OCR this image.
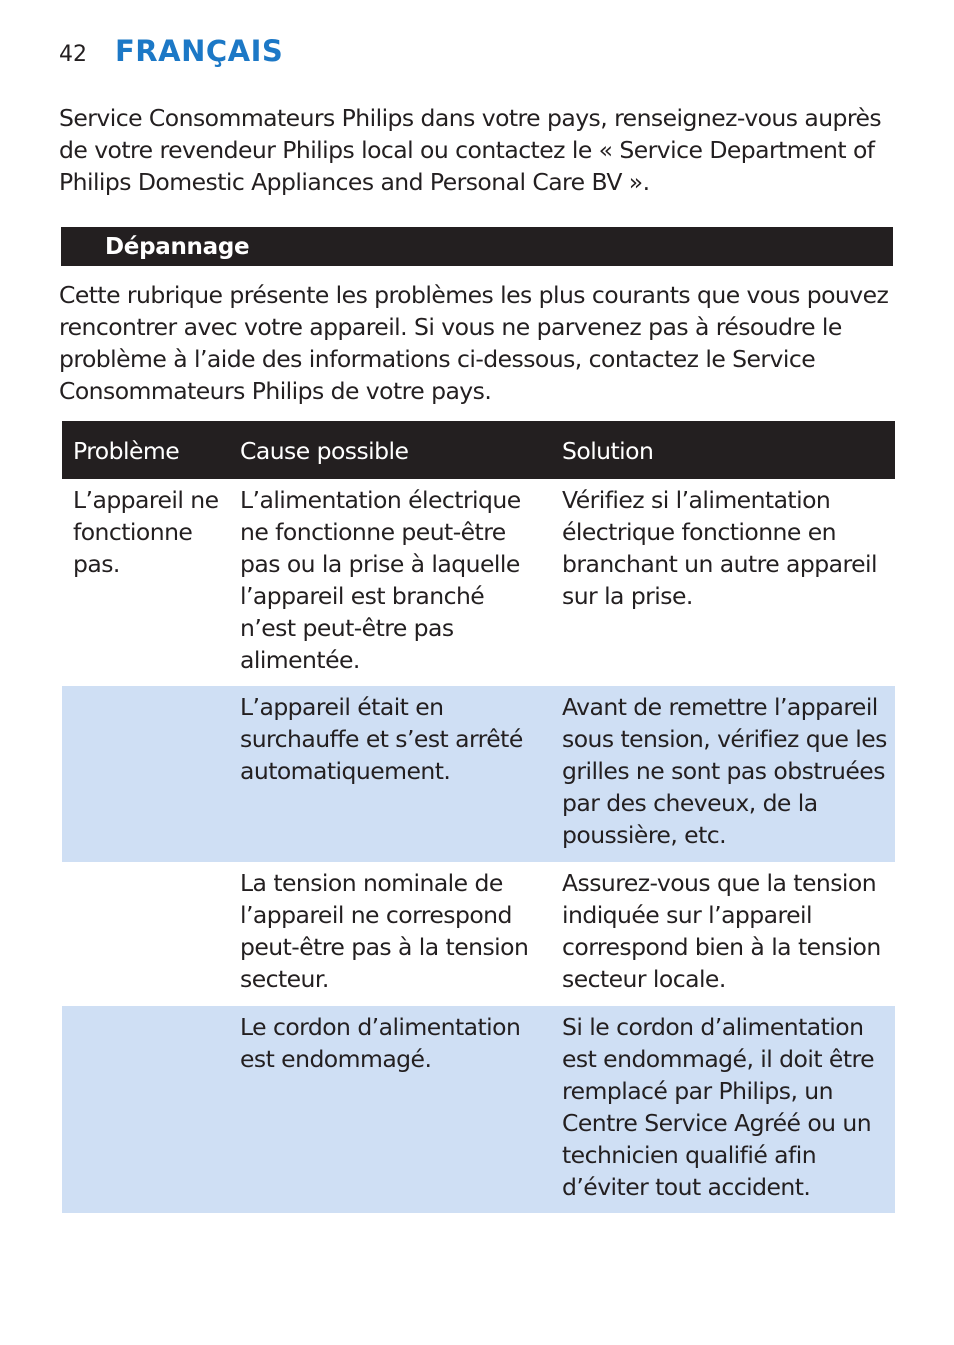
42 FRANÇAIS

Service Consommateurs Philips dans votre pays, renseignez-vous auprès de votre revendeur Philips local ou contactez le « Service Department of Philips Domestic Appliances and Personal Care BV ».

Dépannage

Cette rubrique présente les problèmes les plus courants que vous pouvez rencontrer avec votre appareil. Si vous ne parvenez pas à résoudre le problème à l’aide des informations ci-dessous, contactez le Service Consommateurs Philips de votre pays.

Problème	Cause possible	Solution
L’appareil ne fonctionne pas.
L’alimentation électrique ne fonctionne peut-être pas ou la prise à laquelle l’appareil est branché n’est peut-être pas alimentée.
Vérifiez si l’alimentation électrique fonctionne en branchant un autre appareil sur la prise.
L’appareil était en surchauffe et s’est arrêté automatiquement.
Avant de remettre l’appareil sous tension, vérifiez que les grilles ne sont pas obstruées par des cheveux, de la poussière, etc.
La tension nominale de l’appareil ne correspond peut-être pas à la tension secteur.
Assurez-vous que la tension indiquée sur l’appareil correspond bien à la tension secteur locale.
Le cordon d’alimentation est endommagé.
Si le cordon d’alimentation est endommagé, il doit être remplacé par Philips, un Centre Service Agréé ou un technicien qualifié afin d’éviter tout accident.
